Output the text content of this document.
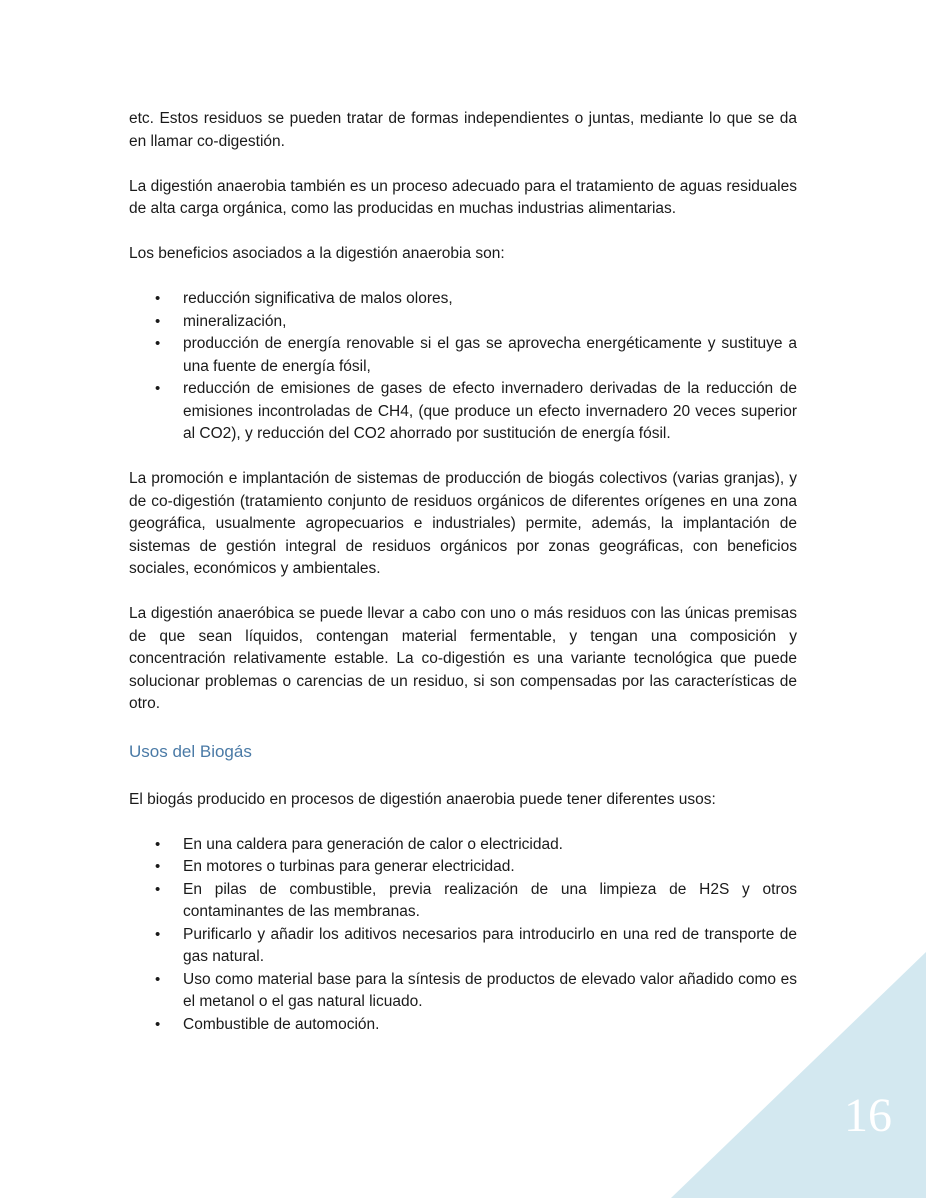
etc. Estos residuos se pueden tratar de formas independientes o juntas, mediante lo que se da en llamar co-digestión.

La digestión anaerobia también es un proceso adecuado para el tratamiento de aguas residuales de alta carga orgánica, como las producidas en muchas industrias alimentarias.

Los beneficios asociados a la digestión anaerobia son:

• reducción significativa de malos olores,
• mineralización,
• producción de energía renovable si el gas se aprovecha energéticamente y sustituye a una fuente de energía fósil,
• reducción de emisiones de gases de efecto invernadero derivadas de la reducción de emisiones incontroladas de CH4, (que produce un efecto invernadero 20 veces superior al CO2), y reducción del CO2 ahorrado por sustitución de energía fósil.

La promoción e implantación de sistemas de producción de biogás colectivos (varias granjas), y de co-digestión (tratamiento conjunto de residuos orgánicos de diferentes orígenes en una zona geográfica, usualmente agropecuarios e industriales) permite, además, la implantación de sistemas de gestión integral de residuos orgánicos por zonas geográficas, con beneficios sociales, económicos y ambientales.

La digestión anaeróbica se puede llevar a cabo con uno o más residuos con las únicas premisas de que sean líquidos, contengan material fermentable, y tengan una composición y concentración relativamente estable. La co-digestión es una variante tecnológica que puede solucionar problemas o carencias de un residuo, si son compensadas por las características de otro.

Usos del Biogás

El biogás producido en procesos de digestión anaerobia puede tener diferentes usos:

• En una caldera para generación de calor o electricidad.
• En motores o turbinas para generar electricidad.
• En pilas de combustible, previa realización de una limpieza de H2S y otros contaminantes de las membranas.
• Purificarlo y añadir los aditivos necesarios para introducirlo en una red de transporte de gas natural.
• Uso como material base para la síntesis de productos de elevado valor añadido como es el metanol o el gas natural licuado.
• Combustible de automoción.
16
